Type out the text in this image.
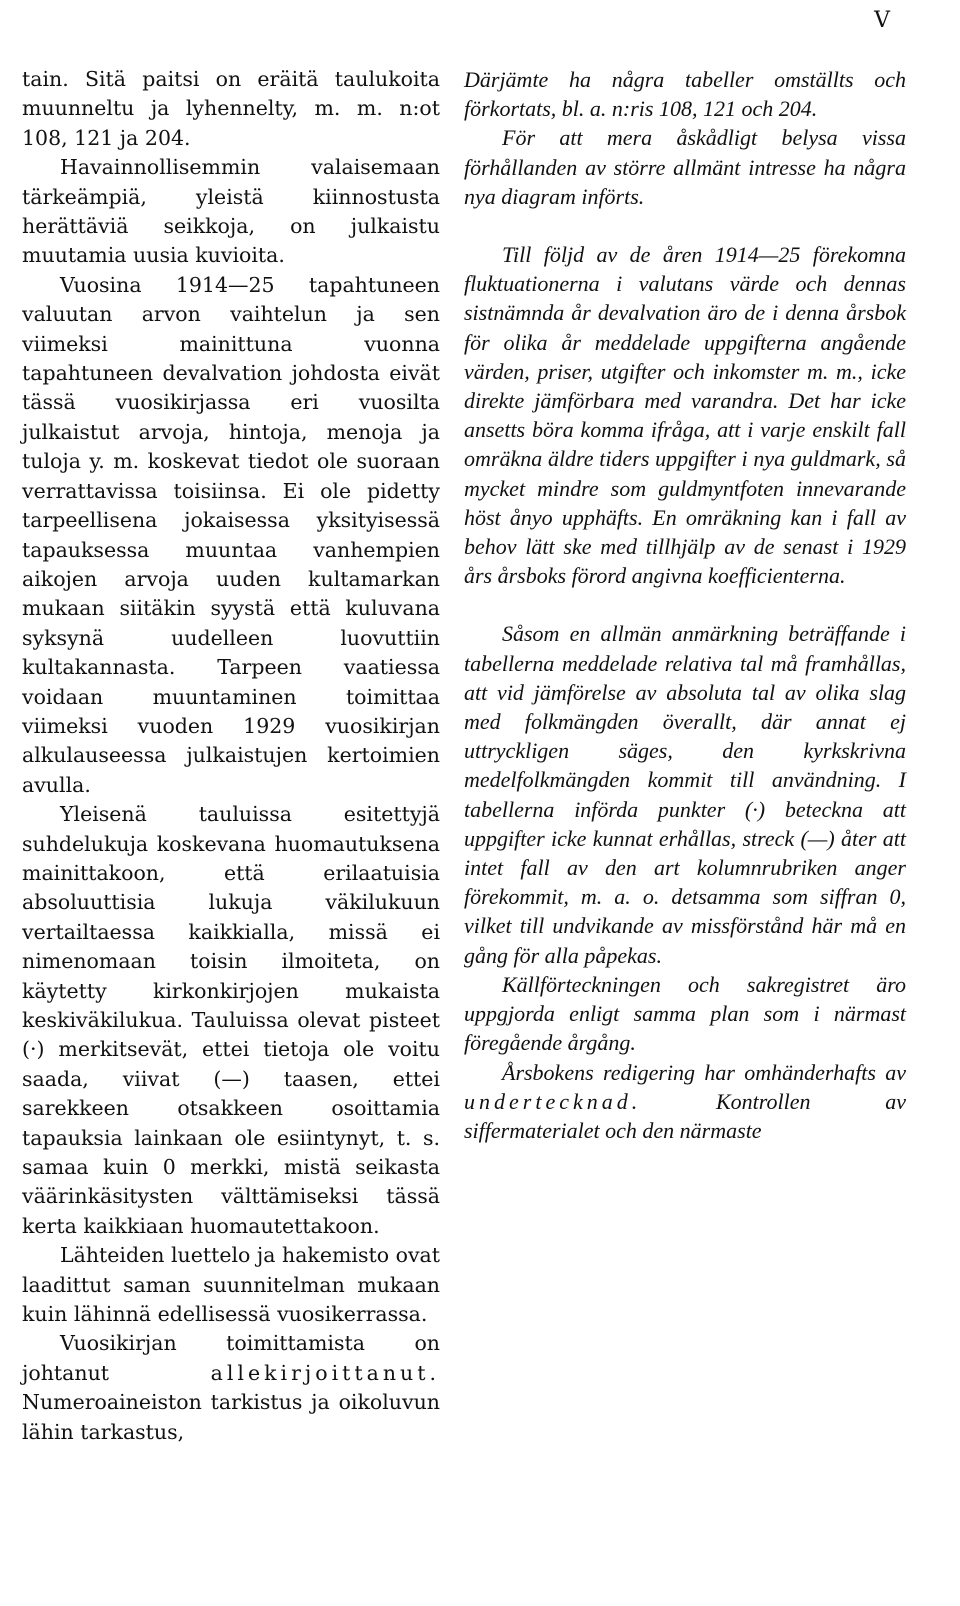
V

tain. Sitä paitsi on eräitä taulukoita muunneltu ja lyhennelty, m. m. n:ot 108, 121 ja 204.

Havainnollisemmin valaisemaan tärkeämpiä, yleistä kiinnostusta herättäviä seikkoja, on julkaistu muutamia uusia kuvioita.

Vuosina 1914—25 tapahtuneen valuutan arvon vaihtelun ja sen viimeksi mainittuna vuonna tapahtuneen devalvation johdosta eivät tässä vuosikirjassa eri vuosilta julkaistut arvoja, hintoja, menoja ja tuloja y. m. koskevat tiedot ole suoraan verrattavissa toisiinsa. Ei ole pidetty tarpeellisena jokaisessa yksityisessä tapauksessa muuntaa vanhempien aikojen arvoja uuden kultamarkan mukaan siitäkin syystä että kuluvana syksynä uudelleen luovuttiin kultakannasta. Tarpeen vaatiessa voidaan muuntaminen toimittaa viimeksi vuoden 1929 vuosikirjan alkulauseessa julkaistujen kertoimien avulla.

Yleisenä tauluissa esitettyjä suhdelukuja koskevana huomautuksena mainittakoon, että erilaatuisia absoluuttisia lukuja väkilukuun vertailtaessa kaikkialla, missä ei nimenomaan toisin ilmoiteta, on käytetty kirkonkirjojen mukaista keskiväkilukua. Tauluissa olevat pisteet (·) merkitsevät, ettei tietoja ole voitu saada, viivat (—) taasen, ettei sarekkeen otsakkeen osoittamia tapauksia lainkaan ole esiintynyt, t. s. samaa kuin 0 merkki, mistä seikasta väärinkäsitysten välttämiseksi tässä kerta kaikkiaan huomautettakoon.

Lähteiden luettelo ja hakemisto ovat laadittut saman suunnitelman mukaan kuin lähinnä edellisessä vuosikerrassa.

Vuosikirjan toimittamista on johtanut	allekirjoittanut. Numeroaineiston tarkistus ja oikoluvun lähin tarkastus,

Därjämte ha några tabeller omställts och förkortats, bl. a. n:ris 108, 121 och 204.

För att mera åskådligt belysa vissa förhållanden av större allmänt intresse ha några nya diagram införts.

Till följd av de åren 1914—25 förekomna fluktuationerna i valutans värde och dennas sistnämnda år devalvation äro de i denna årsbok för olika år meddelade uppgifterna angående värden, priser, utgifter och inkomster m. m., icke direkte jämförbara med varandra. Det har icke ansetts böra komma ifråga, att i varje enskilt fall omräkna äldre tiders uppgifter i nya guldmark, så mycket mindre som guldmyntfoten innevarande höst ånyo upphäfts. En omräkning kan i fall av behov lätt ske med tillhjälp av de senast i 1929 års årsboks förord angivna koefficienterna.

Såsom en allmän anmärkning beträffande i tabellerna meddelade relativa tal må framhållas, att vid jämförelse av absoluta tal av olika slag med folkmängden överallt, där annat ej uttryckligen säges, den kyrkskrivna medelfolkmängden kommit till användning. I tabellerna införda punkter (·) beteckna att uppgifter icke kunnat erhållas, streck (—) åter att intet fall av den art kolumnrubriken anger förekommit, m. a. o. detsamma som siffran 0, vilket till undvikande av missförstånd här må en gång för alla påpekas.

Källförteckningen och sakregistret äro uppgjorda enligt samma plan som i närmast föregående årgång.

Årsbokens redigering har omhänderhafts av undertecknad.	Kontrollen av siffermaterialet och den närmaste
